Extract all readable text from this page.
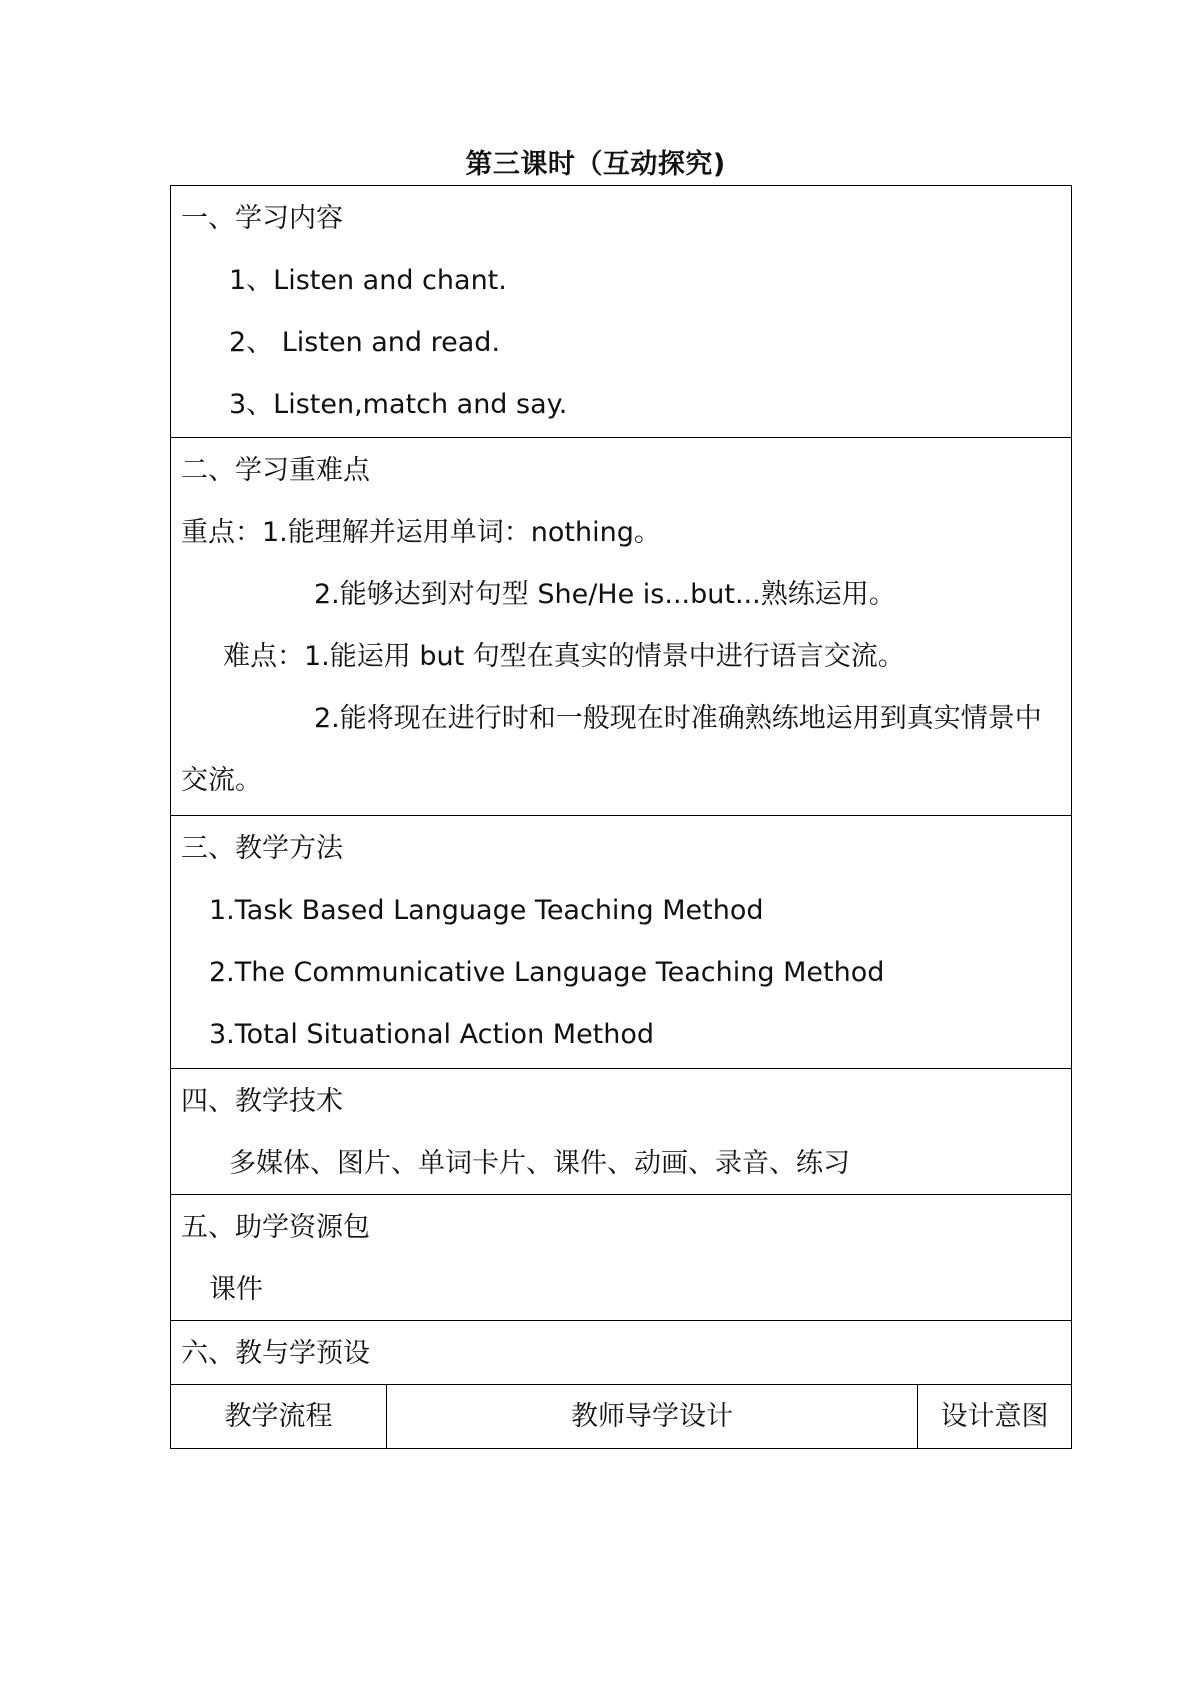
第三课时（互动探究)
一、学习内容
1、Listen and chant.
2、 Listen and read.
3、Listen,match and say.
二、学习重难点
重点：1.能理解并运用单词：nothing。
2.能够达到对句型 She/He is...but...熟练运用。
难点：1.能运用 but 句型在真实的情景中进行语言交流。
2.能将现在进行时和一般现在时准确熟练地运用到真实情景中
交流。
三、教学方法
1.Task Based Language Teaching Method
2.The Communicative Language Teaching Method
3.Total Situational Action Method
四、教学技术
多媒体、图片、单词卡片、课件、动画、录音、练习
五、助学资源包
课件
六、教与学预设
教学流程	教师导学设计	设计意图
